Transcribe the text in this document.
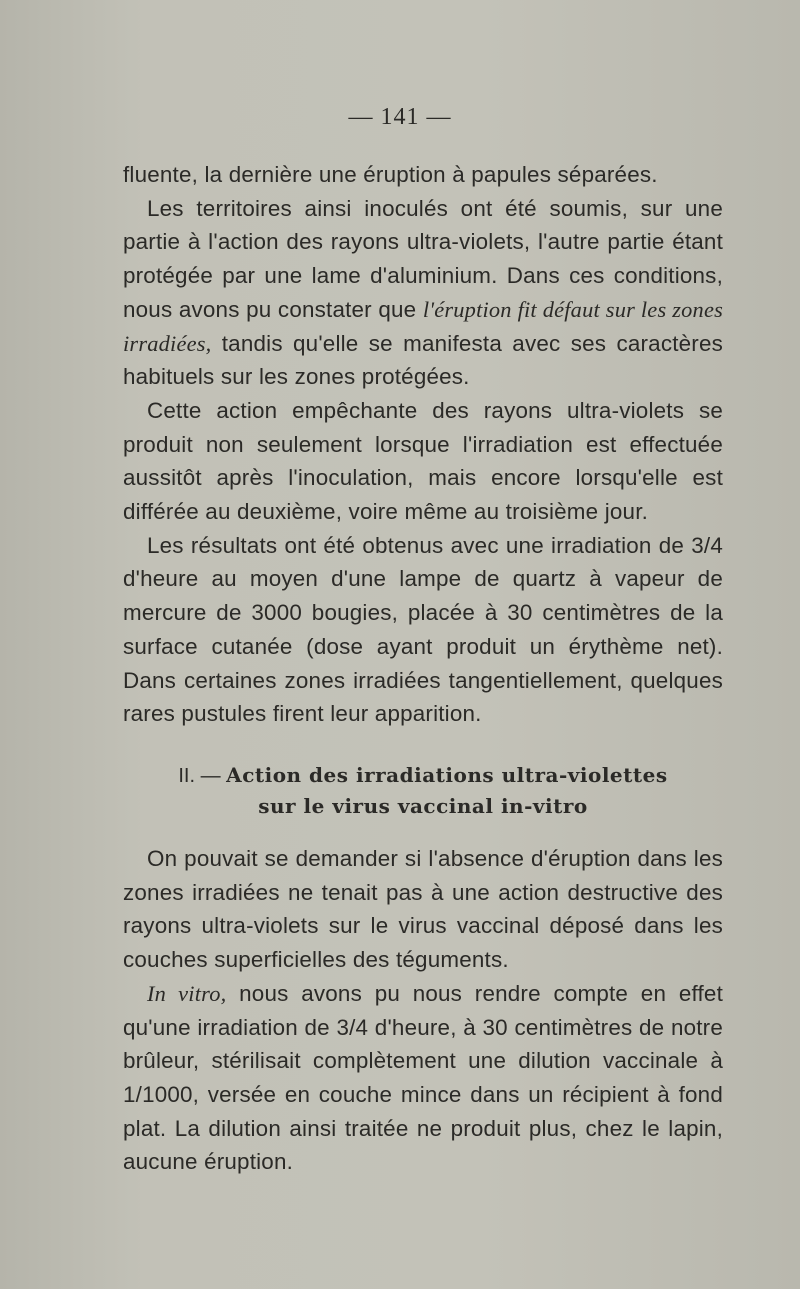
— 141 —

fluente, la dernière une éruption à papules séparées.

Les territoires ainsi inoculés ont été soumis, sur une partie à l'action des rayons ultra-violets, l'autre partie étant protégée par une lame d'aluminium. Dans ces conditions, nous avons pu constater que l'éruption fit défaut sur les zones irradiées, tandis qu'elle se manifesta avec ses caractères habituels sur les zones protégées.

Cette action empêchante des rayons ultra-violets se produit non seulement lorsque l'irradiation est effectuée aussitôt après l'inoculation, mais encore lorsqu'elle est différée au deuxième, voire même au troisième jour.

Les résultats ont été obtenus avec une irradiation de 3/4 d'heure au moyen d'une lampe de quartz à vapeur de mercure de 3000 bougies, placée à 30 centimètres de la surface cutanée (dose ayant produit un érythème net). Dans certaines zones irradiées tangentiellement, quelques rares pustules firent leur apparition.

II. — Action des irradiations ultra-violettes
sur le virus vaccinal in-vitro

On pouvait se demander si l'absence d'éruption dans les zones irradiées ne tenait pas à une action destructive des rayons ultra-violets sur le virus vaccinal déposé dans les couches superficielles des téguments.

In vitro, nous avons pu nous rendre compte en effet qu'une irradiation de 3/4 d'heure, à 30 centimètres de notre brûleur, stérilisait complètement une dilution vaccinale à 1/1000, versée en couche mince dans un récipient à fond plat. La dilution ainsi traitée ne produit plus, chez le lapin, aucune éruption.
